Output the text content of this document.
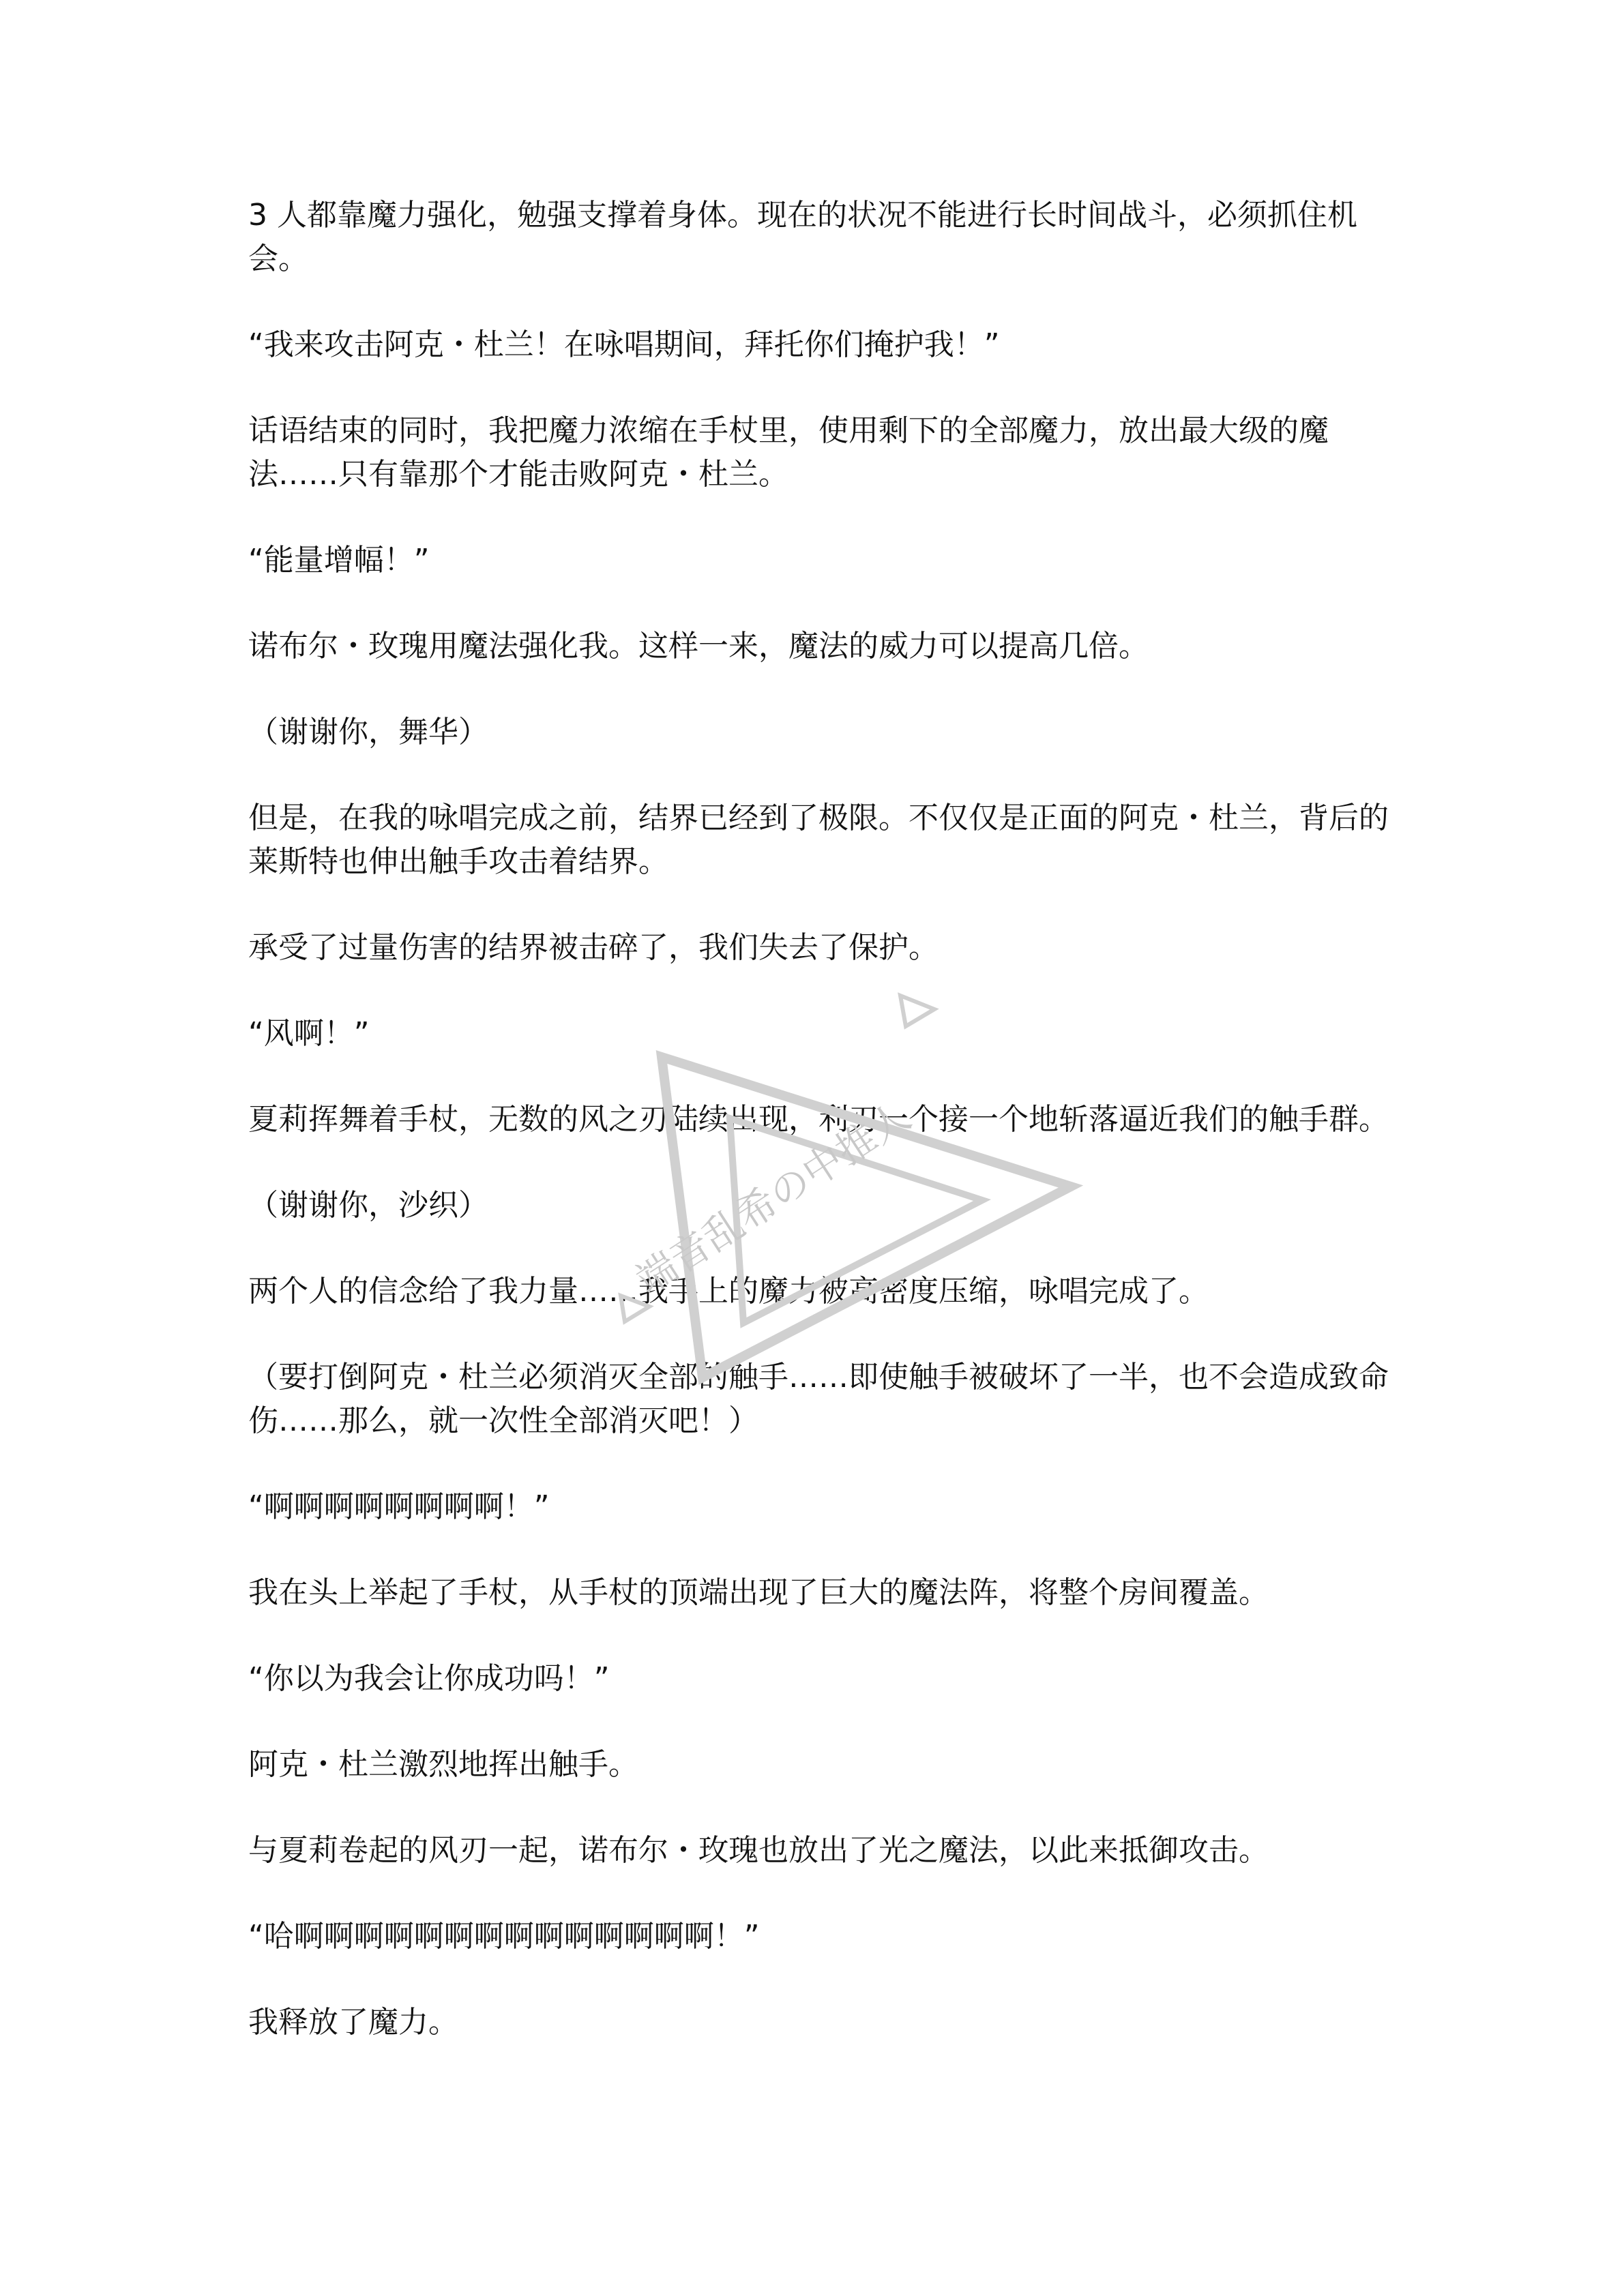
3 人都靠魔力强化，勉强支撑着身体。现在的状况不能进行长时间战斗，必须抓住机会。

“我来攻击阿克・杜兰！在咏唱期间，拜托你们掩护我！”

话语结束的同时，我把魔力浓缩在手杖里，使用剩下的全部魔力，放出最大级的魔法……只有靠那个才能击败阿克・杜兰。

“能量增幅！”

诺布尔・玫瑰用魔法强化我。这样一来，魔法的威力可以提高几倍。

（谢谢你，舞华）

但是，在我的咏唱完成之前，结界已经到了极限。不仅仅是正面的阿克・杜兰，背后的莱斯特也伸出触手攻击着结界。

承受了过量伤害的结界被击碎了，我们失去了保护。

“风啊！”

夏莉挥舞着手杖，无数的风之刃陆续出现，利刃一个接一个地斩落逼近我们的触手群。

（谢谢你，沙织）

两个人的信念给了我力量……我手上的魔力被高密度压缩，咏唱完成了。

（要打倒阿克・杜兰必须消灭全部的触手……即使触手被破坏了一半，也不会造成致命伤……那么，就一次性全部消灭吧！）

“啊啊啊啊啊啊啊啊！”

我在头上举起了手杖，从手杖的顶端出现了巨大的魔法阵，将整个房间覆盖。

“你以为我会让你成功吗！”

阿克・杜兰激烈地挥出触手。

与夏莉卷起的风刃一起，诺布尔・玫瑰也放出了光之魔法，以此来抵御攻击。

“哈啊啊啊啊啊啊啊啊啊啊啊啊啊啊！”

我释放了魔力。

端音乱希の中推人
